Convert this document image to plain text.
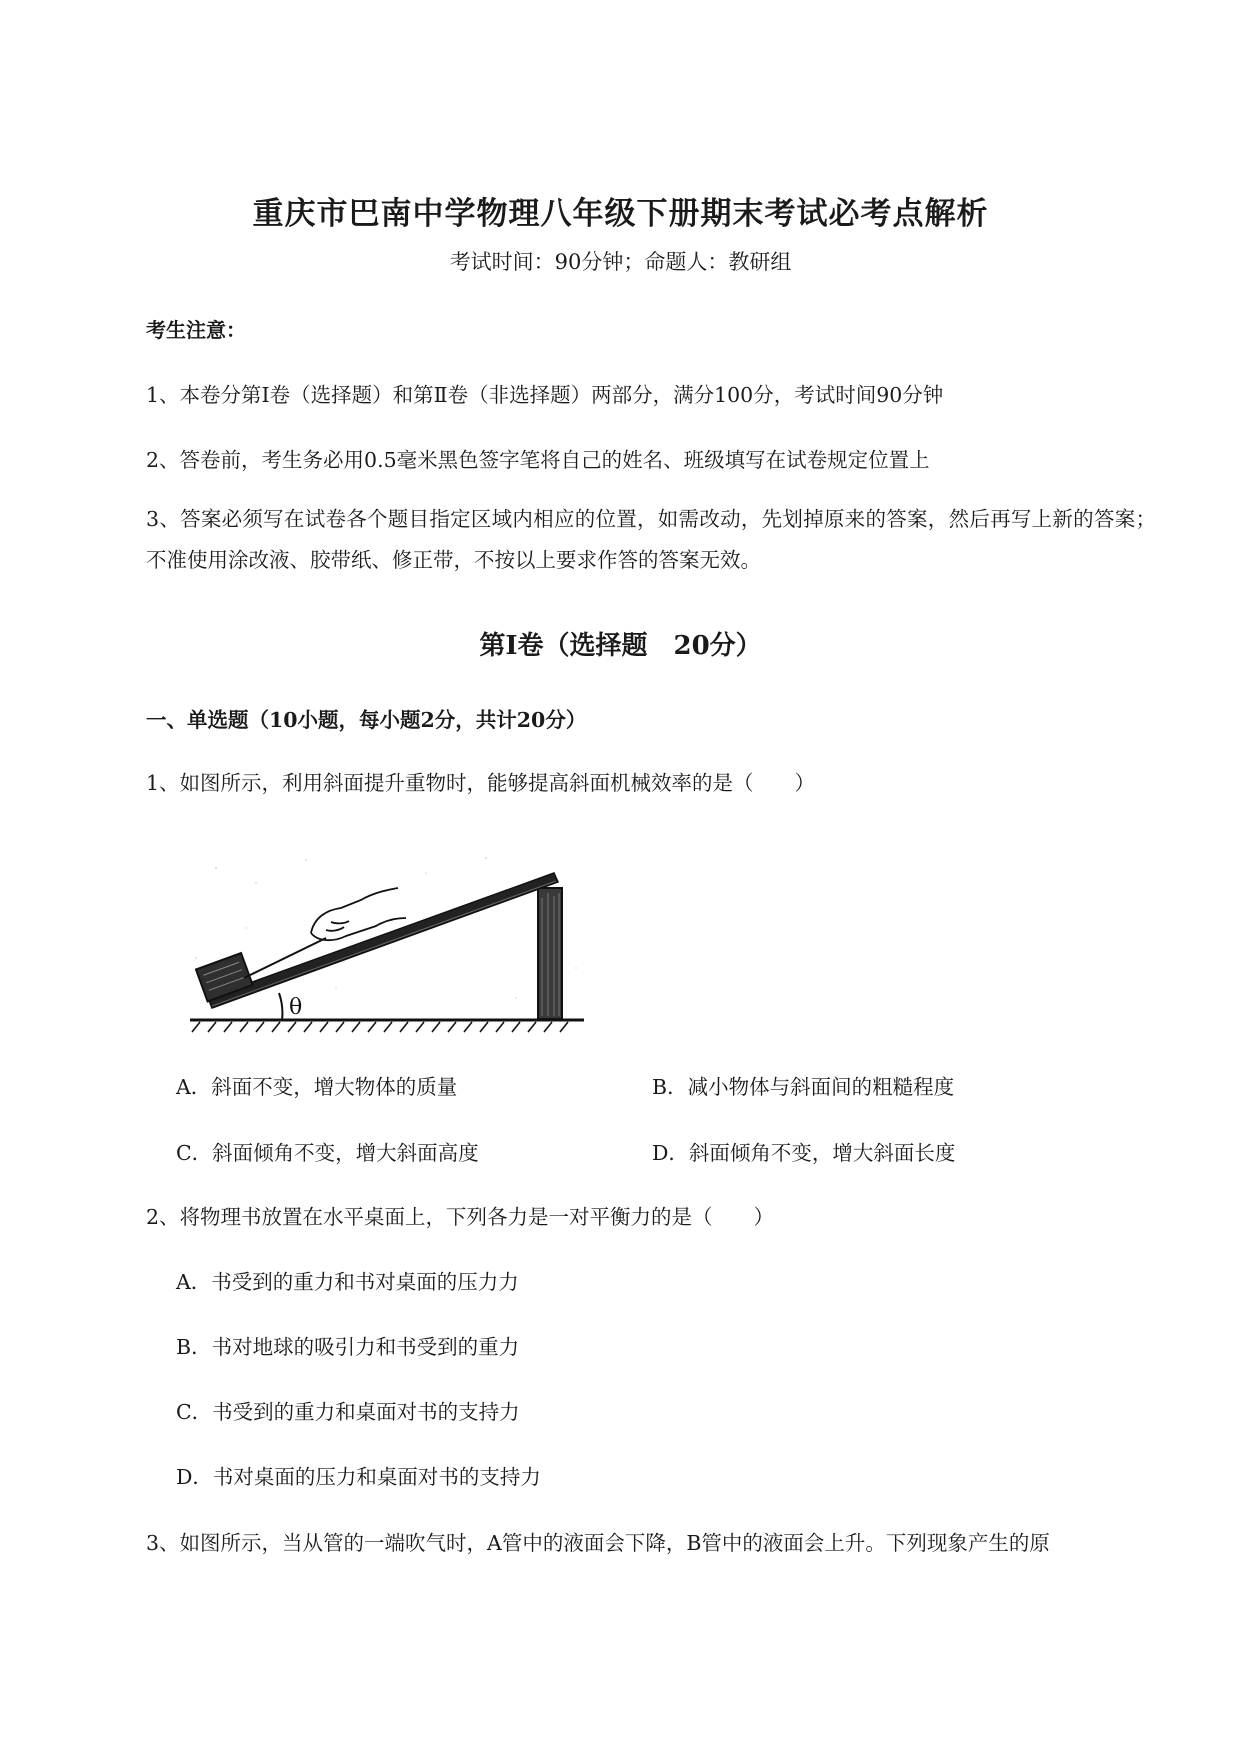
重庆市巴南中学物理八年级下册期末考试必考点解析
考试时间：90分钟；命题人：教研组
考生注意：
1、本卷分第I卷（选择题）和第Ⅱ卷（非选择题）两部分，满分100分，考试时间90分钟
2、答卷前，考生务必用0.5毫米黑色签字笔将自己的姓名、班级填写在试卷规定位置上
3、答案必须写在试卷各个题目指定区域内相应的位置，如需改动，先划掉原来的答案，然后再写上新的答案；不准使用涂改液、胶带纸、修正带，不按以上要求作答的答案无效。
第I卷（选择题　20分）
一、单选题（10小题，每小题2分，共计20分）
1、如图所示，利用斜面提升重物时，能够提高斜面机械效率的是（　　）
θ
A．斜面不变，增大物体的质量	B．减小物体与斜面间的粗糙程度
C．斜面倾角不变，增大斜面高度	D．斜面倾角不变，增大斜面长度
2、将物理书放置在水平桌面上，下列各力是一对平衡力的是（　　）
A．书受到的重力和书对桌面的压力力
B．书对地球的吸引力和书受到的重力
C．书受到的重力和桌面对书的支持力
D．书对桌面的压力和桌面对书的支持力
3、如图所示，当从管的一端吹气时，A管中的液面会下降，B管中的液面会上升。下列现象产生的原
